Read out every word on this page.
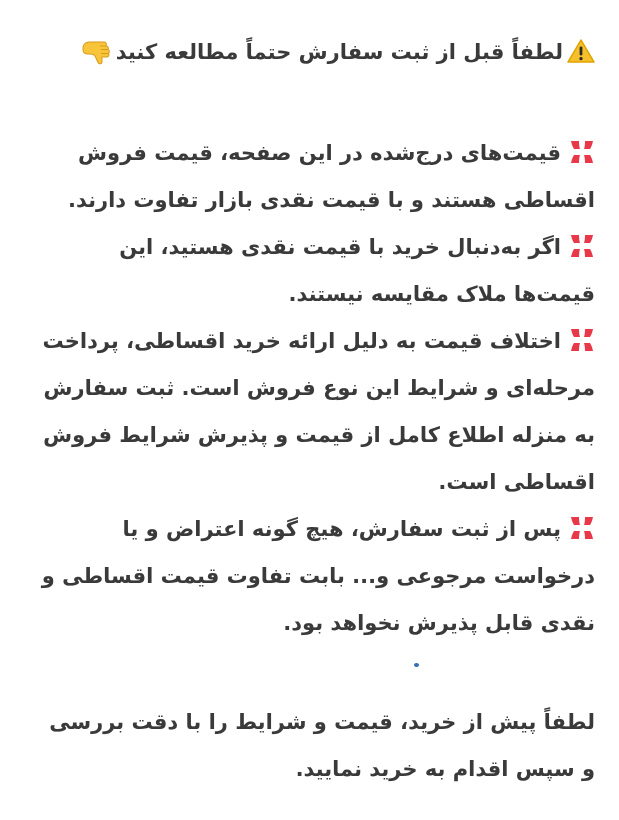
لطفاً قبل از ثبت سفارش حتماً مطالعه کنید

قیمت‌های درج‌شده در این صفحه، قیمت فروش اقساطی هستند و با قیمت نقدی بازار تفاوت دارند.

اگر به‌دنبال خرید با قیمت نقدی هستید، این قیمت‌ها ملاک مقایسه نیستند.

اختلاف قیمت به دلیل ارائه خرید اقساطی، پرداخت مرحله‌ای و شرایط این نوع فروش است. ثبت سفارش به منزله اطلاع کامل از قیمت و پذیرش شرایط فروش اقساطی است.

پس از ثبت سفارش، هیچ گونه اعتراض و یا درخواست مرجوعی و... بابت تفاوت قیمت اقساطی و نقدی قابل پذیرش نخواهد بود.

لطفاً پیش از خرید، قیمت و شرایط را با دقت بررسی و سپس اقدام به خرید نمایید.
